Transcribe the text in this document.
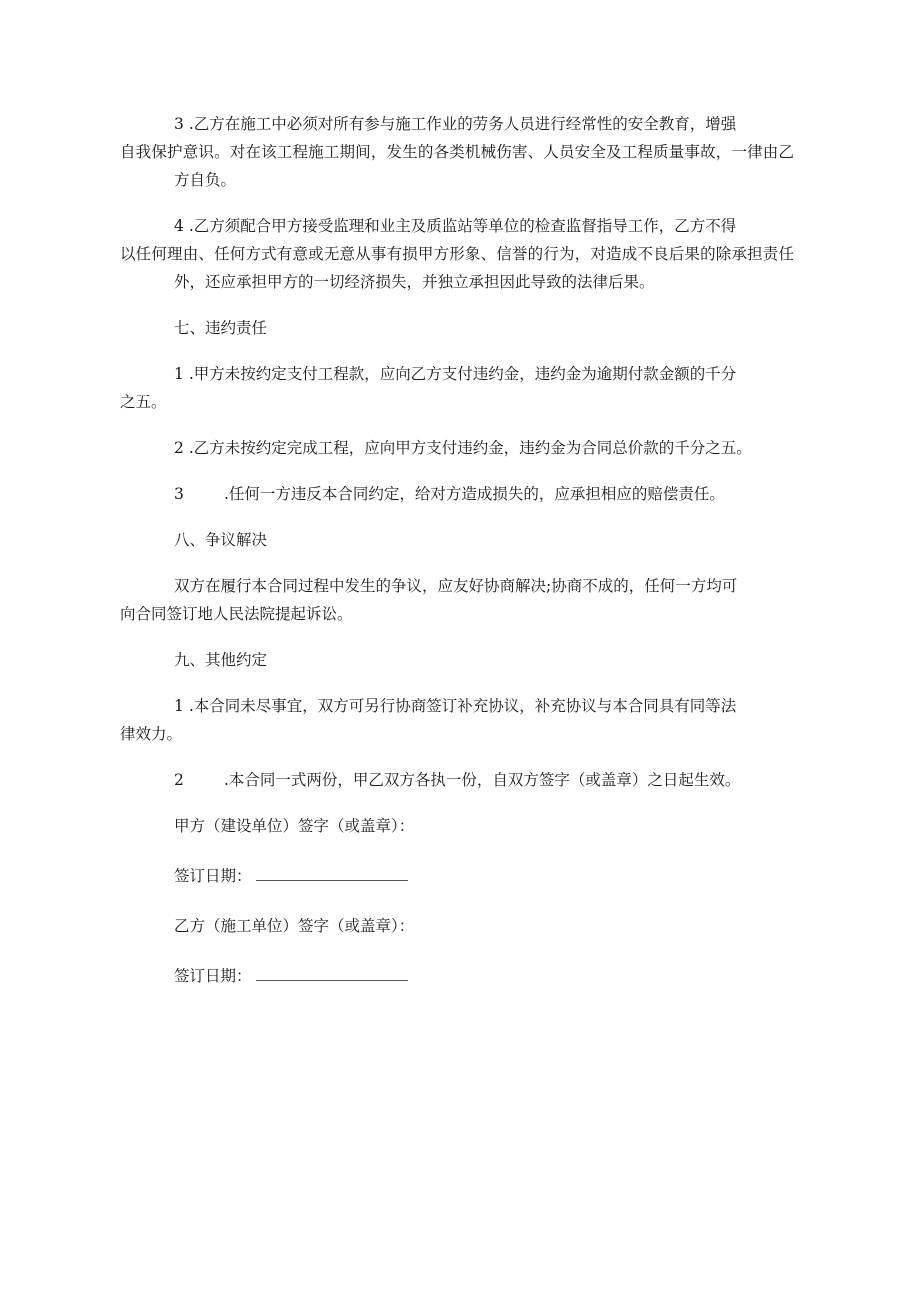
3 .乙方在施工中必须对所有参与施工作业的劳务人员进行经常性的安全教育，增强
自我保护意识。对在该工程施工期间，发生的各类机械伤害、人员安全及工程质量事故，一律由乙方自负。
4 .乙方须配合甲方接受监理和业主及质监站等单位的检查监督指导工作，乙方不得
以任何理由、任何方式有意或无意从事有损甲方形象、信誉的行为，对造成不良后果的除承担责任外，还应承担甲方的一切经济损失，并独立承担因此导致的法律后果。
七、违约责任
1 .甲方未按约定支付工程款，应向乙方支付违约金，违约金为逾期付款金额的千分
之五。
2 .乙方未按约定完成工程，应向甲方支付违约金，违约金为合同总价款的千分之五。
3	.任何一方违反本合同约定，给对方造成损失的，应承担相应的赔偿责任。
八、争议解决
双方在履行本合同过程中发生的争议，应友好协商解决;协商不成的，任何一方均可
向合同签订地人民法院提起诉讼。
九、其他约定
1 .本合同未尽事宜，双方可另行协商签订补充协议，补充协议与本合同具有同等法
律效力。
2	.本合同一式两份，甲乙双方各执一份，自双方签字（或盖章）之日起生效。
甲方（建设单位）签字（或盖章）：
签订日期：
乙方（施工单位）签字（或盖章）：
签订日期：
